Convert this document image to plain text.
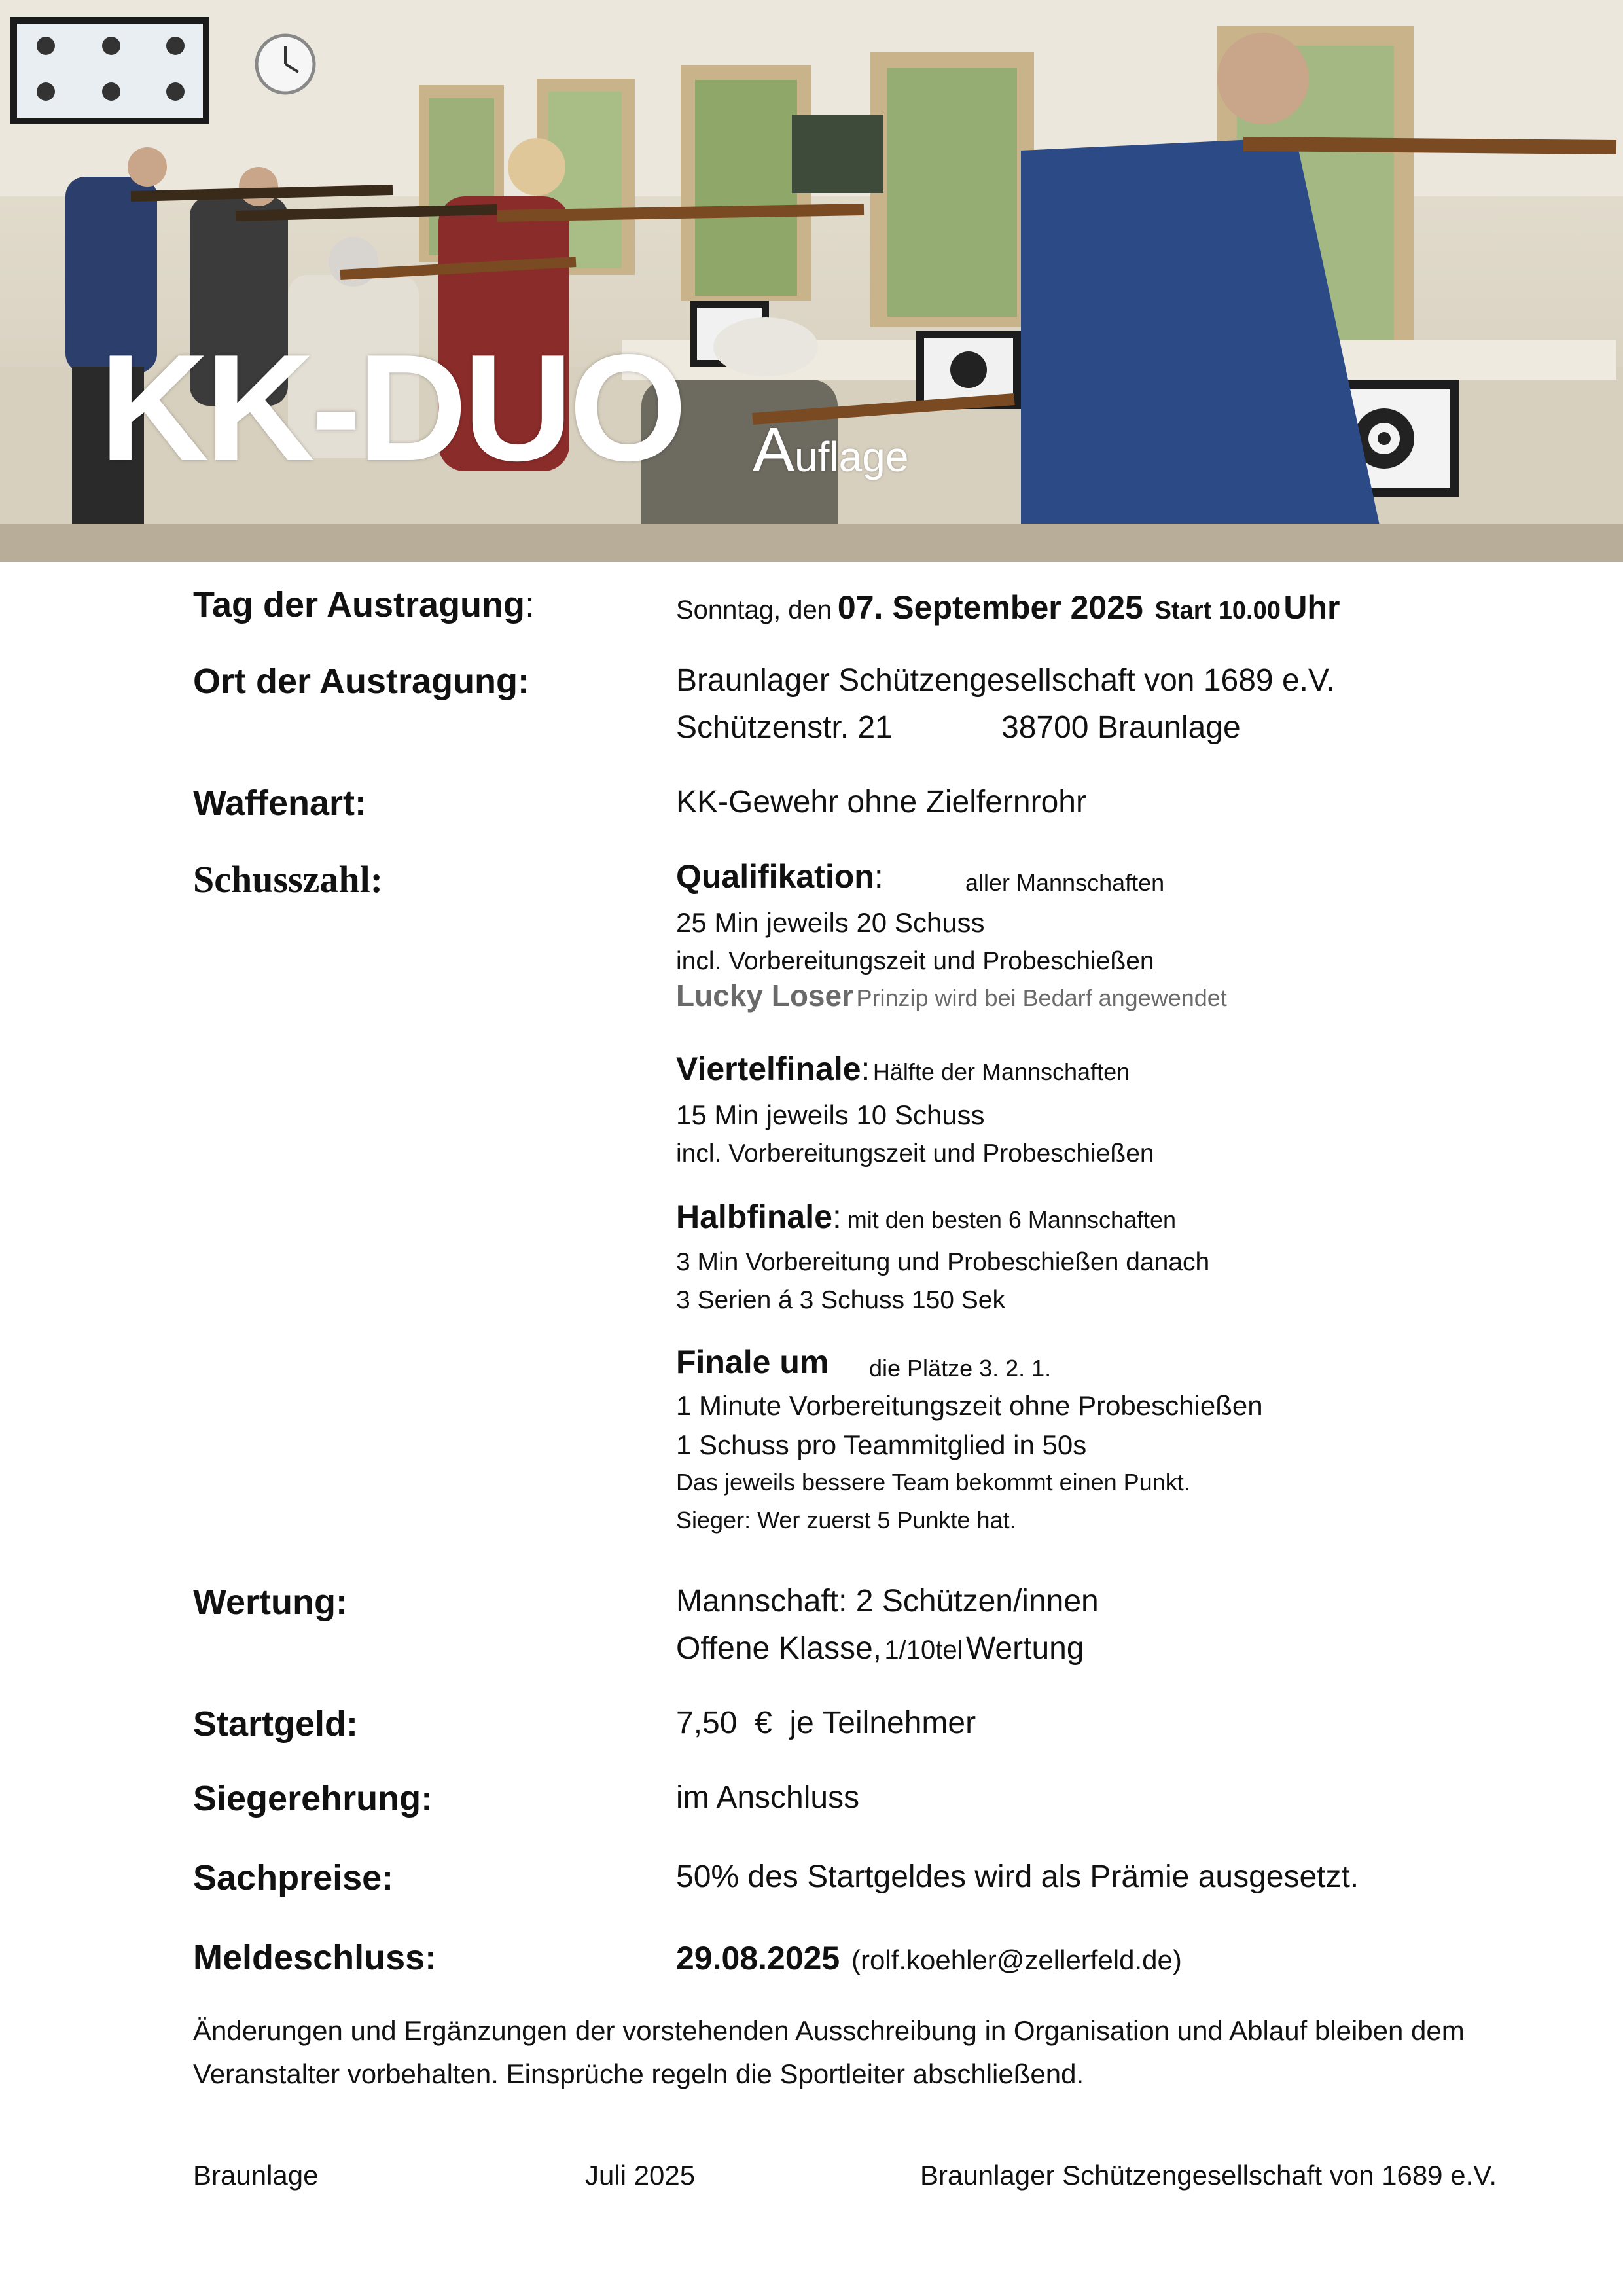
KK-DUO Auflage
Tag der Austragung:	Sonntag, den 07. September 2025 Start 10.00 Uhr
Ort der Austragung:	Braunlager Schützengesellschaft von 1689 e.V.
Schützenstr. 21	38700 Braunlage
Waffenart:	KK-Gewehr ohne Zielfernrohr
Schusszahl:	Qualifikation:	aller Mannschaften
25 Min jeweils 20 Schuss
incl. Vorbereitungszeit und Probeschießen
Lucky Loser Prinzip wird bei Bedarf angewendet
Viertelfinale: Hälfte der Mannschaften
15 Min jeweils 10 Schuss
incl. Vorbereitungszeit und Probeschießen
Halbfinale: mit den besten 6 Mannschaften
3 Min Vorbereitung und Probeschießen danach
3 Serien á 3 Schuss 150 Sek
Finale um die Plätze 3. 2. 1.
1 Minute Vorbereitungszeit ohne Probeschießen
1 Schuss pro Teammitglied in 50s
Das jeweils bessere Team bekommt einen Punkt.
Sieger: Wer zuerst 5 Punkte hat.
Wertung:	Mannschaft: 2 Schützen/innen
Offene Klasse, 1/10tel Wertung
Startgeld:	7,50 € je Teilnehmer
Siegerehrung:	im Anschluss
Sachpreise:	50% des Startgeldes wird als Prämie ausgesetzt.
Meldeschluss:	29.08.2025 (rolf.koehler@zellerfeld.de)
Änderungen und Ergänzungen der vorstehenden Ausschreibung in Organisation und Ablauf bleiben dem Veranstalter vorbehalten. Einsprüche regeln die Sportleiter abschließend.
Braunlage	Juli 2025	Braunlager Schützengesellschaft von 1689 e.V.
